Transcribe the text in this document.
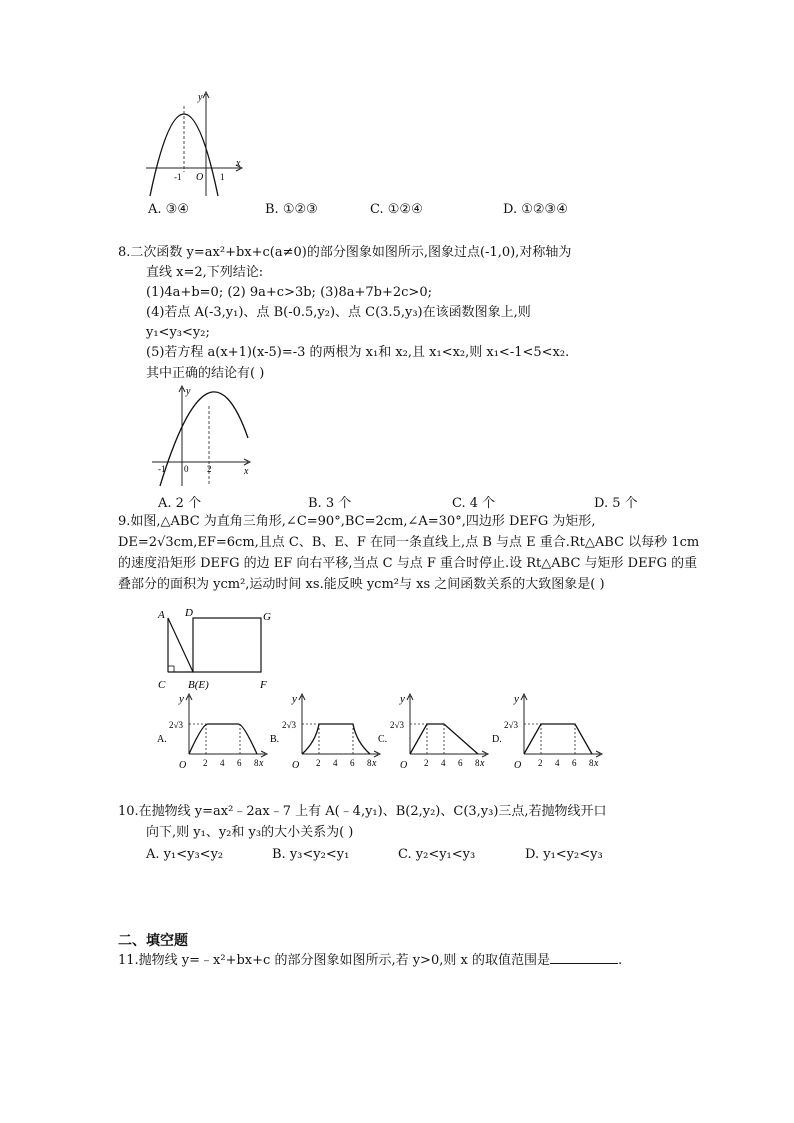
y
x
O
-1	1
A. ③④	B. ①②③	C. ①②④	D. ①②③④
8.二次函数 y=ax²+bx+c(a≠0)的部分图象如图所示,图象过点(-1,0),对称轴为
直线 x=2,下列结论:
(1)4a+b=0; (2) 9a+c>3b; (3)8a+7b+2c>0;
(4)若点 A(-3,y₁)、点 B(-0.5,y₂)、点 C(3.5,y₃)在该函数图象上,则
y₁<y₃<y₂;
(5)若方程 a(x+1)(x-5)=-3 的两根为 x₁和 x₂,且 x₁<x₂,则 x₁<-1<5<x₂.
其中正确的结论有( )
y
x
-1 0 2
A. 2 个	B. 3 个	C. 4 个	D. 5 个
9.如图,△ABC 为直角三角形,∠C=90°,BC=2cm,∠A=30°,四边形 DEFG 为矩形,
DE=2√3cm,EF=6cm,且点 C、B、E、F 在同一条直线上,点 B 与点 E 重合.Rt△ABC 以每秒 1cm
的速度沿矩形 DEFG 的边 EF 向右平移,当点 C 与点 F 重合时停止.设 Rt△ABC 与矩形 DEFG 的重
叠部分的面积为 ycm²,运动时间 xs.能反映 ycm²与 xs 之间函数关系的大致图象是( )
A D	G
C B(E)	F
A.
y
2√3
O 2 4 6 8 x
B.
y
2√3
O 2 4 6 8 x
C.
y
2√3
O 2 4 6 8 x
D.
y
2√3
O 2 4 6 8 x
10.在抛物线 y=ax²﹣2ax﹣7 上有 A(﹣4,y₁)、B(2,y₂)、C(3,y₃)三点,若抛物线开口
向下,则 y₁、y₂和 y₃的大小关系为( )
A. y₁<y₃<y₂	B. y₃<y₂<y₁	C. y₂<y₁<y₃	D. y₁<y₂<y₃
二、填空题
11.抛物线 y=﹣x²+bx+c 的部分图象如图所示,若 y>0,则 x 的取值范围是	.
